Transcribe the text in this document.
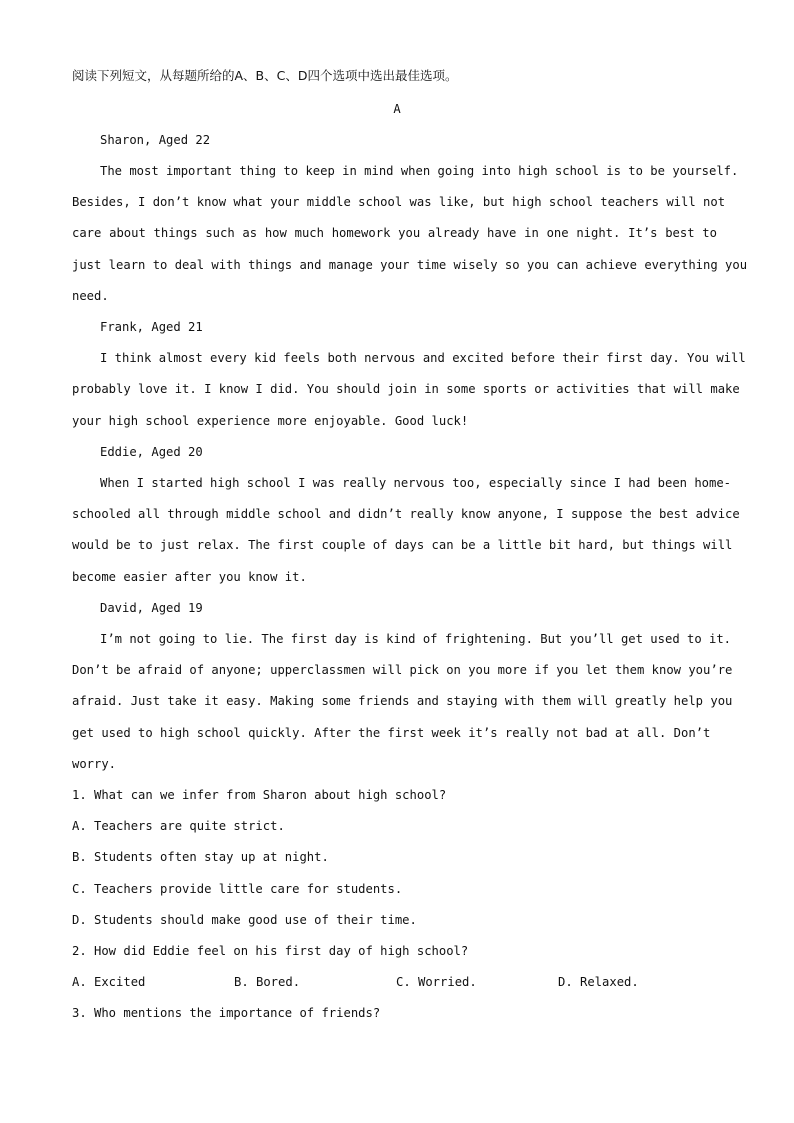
阅读下列短文，从每题所给的A、B、C、D四个选项中选出最佳选项。
A
Sharon, Aged 22
The most important thing to keep in mind when going into high school is to be yourself.
Besides, I don’t know what your middle school was like, but high school teachers will not
care about things such as how much homework you already have in one night. It’s best to
just learn to deal with things and manage your time wisely so you can achieve everything you
need.
Frank, Aged 21
I think almost every kid feels both nervous and excited before their first day. You will
probably love it. I know I did. You should join in some sports or activities that will make
your high school experience more enjoyable. Good luck!
Eddie, Aged 20
When I started high school I was really nervous too, especially since I had been home-
schooled all through middle school and didn’t really know anyone, I suppose the best advice
would be to just relax. The first couple of days can be a little bit hard, but things will
become easier after you know it.
David, Aged 19
I’m not going to lie. The first day is kind of frightening. But you’ll get used to it.
Don’t be afraid of anyone; upperclassmen will pick on you more if you let them know you’re
afraid. Just take it easy. Making some friends and staying with them will greatly help you
get used to high school quickly. After the first week it’s really not bad at all. Don’t
worry.
1. What can we infer from Sharon about high school?
A. Teachers are quite strict.
B. Students often stay up at night.
C. Teachers provide little care for students.
D. Students should make good use of their time.
2. How did Eddie feel on his first day of high school?
A. Excited	B. Bored.	C. Worried.	D. Relaxed.
3. Who mentions the importance of friends?
